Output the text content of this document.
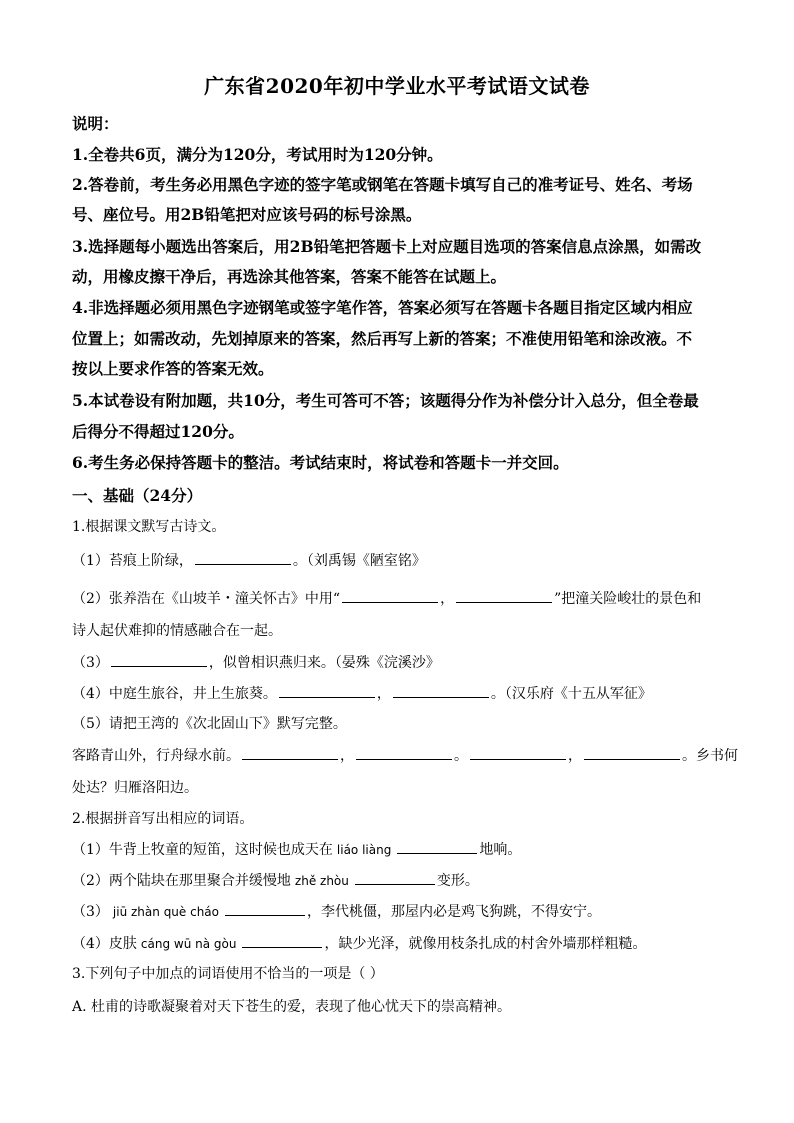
广东省2020年初中学业水平考试语文试卷
说明：
1.全卷共6页，满分为120分，考试用时为120分钟。
2.答卷前，考生务必用黑色字迹的签字笔或钢笔在答题卡填写自己的准考证号、姓名、考场
号、座位号。用2B铅笔把对应该号码的标号涂黑。
3.选择题每小题选出答案后，用2B铅笔把答题卡上对应题目选项的答案信息点涂黑，如需改
动，用橡皮擦干净后，再选涂其他答案，答案不能答在试题上。
4.非选择题必须用黑色字迹钢笔或签字笔作答，答案必须写在答题卡各题目指定区域内相应
位置上；如需改动，先划掉原来的答案，然后再写上新的答案；不准使用铅笔和涂改液。不
按以上要求作答的答案无效。
5.本试卷设有附加题，共10分，考生可答可不答；该题得分作为补偿分计入总分，但全卷最
后得分不得超过120分。
6.考生务必保持答题卡的整洁。考试结束时，将试卷和答题卡一并交回。
一、基础（24分）
1.根据课文默写古诗文。
（1）苔痕上阶绿，	。（刘禹锡《陋室铭》
（2）张养浩在《山坡羊・潼关怀古》中用“	，	”把潼关险峻壮的景色和
诗人起伏难抑的情感融合在一起。
（3）	，似曾相识燕归来。（晏殊《浣溪沙》
（4）中庭生旅谷，井上生旅葵。	，	。（汉乐府《十五从军征》
（5）请把王湾的《次北固山下》默写完整。
客路青山外，行舟绿水前。	，	。	，	。乡书何
处达？归雁洛阳边。
2.根据拼音写出相应的词语。
（1）牛背上牧童的短笛，这时候也成天在 liáo liàng	地响。
（2）两个陆块在那里聚合并缓慢地 zhě zhòu	变形。
（3） jiū zhàn què cháo	，李代桃僵，那屋内必是鸡飞狗跳，不得安宁。
（4）皮肤 cáng wū nà gòu	，缺少光泽，就像用枝条扎成的村舍外墙那样粗糙。
3.下列句子中加点的词语使用不恰当的一项是（ ）
A. 杜甫的诗歌凝聚着对天下苍生的爱，表现了他心忧天下的崇高精神。
